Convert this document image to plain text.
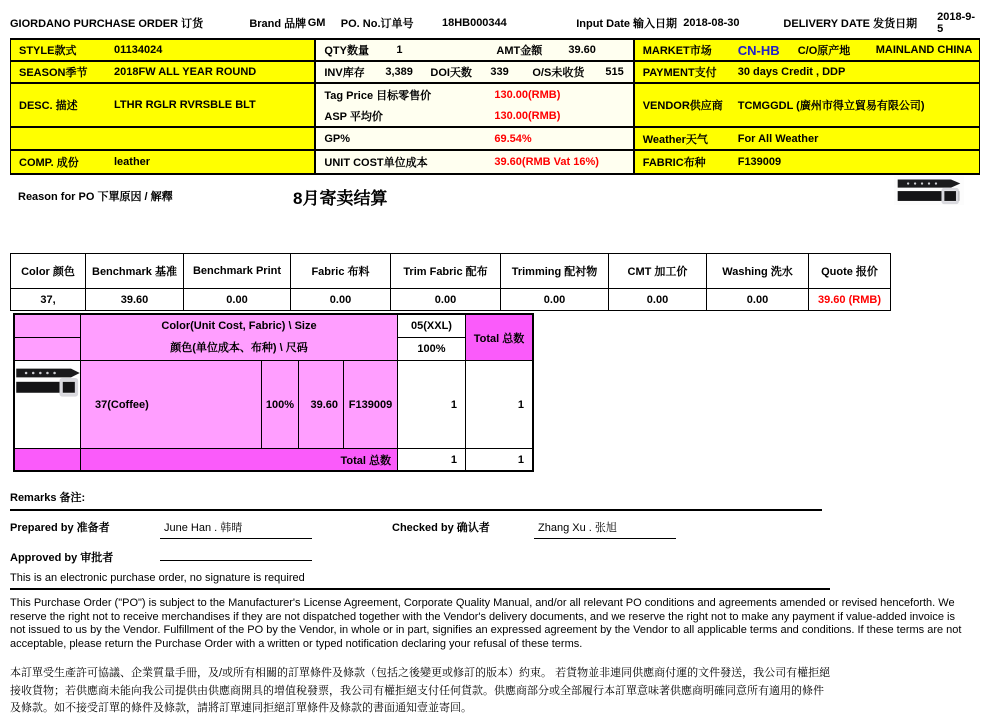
GIORDANO PURCHASE ORDER 订货	Brand 品牌 GM	PO. No.订单号	18HB000344	Input Date 输入日期 2018-08-30	DELIVERY DATE 发货日期
2018-9-5
STYLE款式	01134024
SEASON季节	2018FW ALL YEAR ROUND
DESC. 描述	LTHR RGLR RVRSBLE BLT
COMP. 成份	leather
QTY数量	1	AMT金额	39.60
INV库存	3,389	DOI天数	339	O/S未收货	515
Tag Price 目标零售价	130.00(RMB)
ASP 平均价	130.00(RMB)
GP%	69.54%
UNIT COST单位成本	39.60(RMB Vat 16%)
MARKET市场	CN-HB	C/O原产地	MAINLAND CHINA
PAYMENT支付	30 days Credit , DDP
VENDOR供应商	TCMGGDL (廣州市得立貿易有限公司)
Weather天气	For All Weather
FABRIC布种	F139009
Reason for PO 下單原因 / 解釋	8月寄卖结算
Color 颜色	Benchmark 基准	Benchmark Print	Fabric 布料	Trim Fabric 配布	Trimming 配衬物	CMT 加工价	Washing 洗水	Quote 报价
37,	39.60	0.00	0.00	0.00	0.00	0.00	0.00	39.60 (RMB)
Color(Unit Cost, Fabric) \ Size
颜色(单位成本、布种) \ 尺码
05(XXL)
100%
Total 总数
37(Coffee)	100%	39.60 F139009	1	1
Total 总数	1	1
Remarks 备注:
Prepared by 准备者	June Han . 韩晴	Checked by 确认者	Zhang Xu . 张旭
Approved by 审批者
This is an electronic purchase order, no signature is required
This Purchase Order ("PO") is subject to the Manufacturer's License Agreement, Corporate Quality Manual, and/or all relevant PO conditions and agreements amended or revised henceforth. We reserve the right not to receive merchandises if they are not dispatched together with the Vendor's delivery documents, and we reserve the right not to make any payment if value-added invoice is not issued to us by the Vendor. Fulfillment of the PO by the Vendor, in whole or in part, signifies an expressed agreement by the Vendor to all applicable terms and conditions. If these terms are not acceptable, please return the Purchase Order with a written or typed notification declaring your refusal of these terms.
本訂單受生產許可協議、企業質量手冊，及/或所有相關的訂單條件及條款（包括之後變更或修訂的版本）約束。 若貨物並非連同供應商付運的文件發送，我公司有權拒絕接收貨物；若供應商未能向我公司提供由供應商開具的增值稅發票，我公司有權拒絕支付任何貨款。供應商部分或全部履行本訂單意味著供應商明確同意所有適用的條件及條款。如不接受訂單的條件及條款，請將訂單連同拒絕訂單條件及條款的書面通知壹並寄回。
